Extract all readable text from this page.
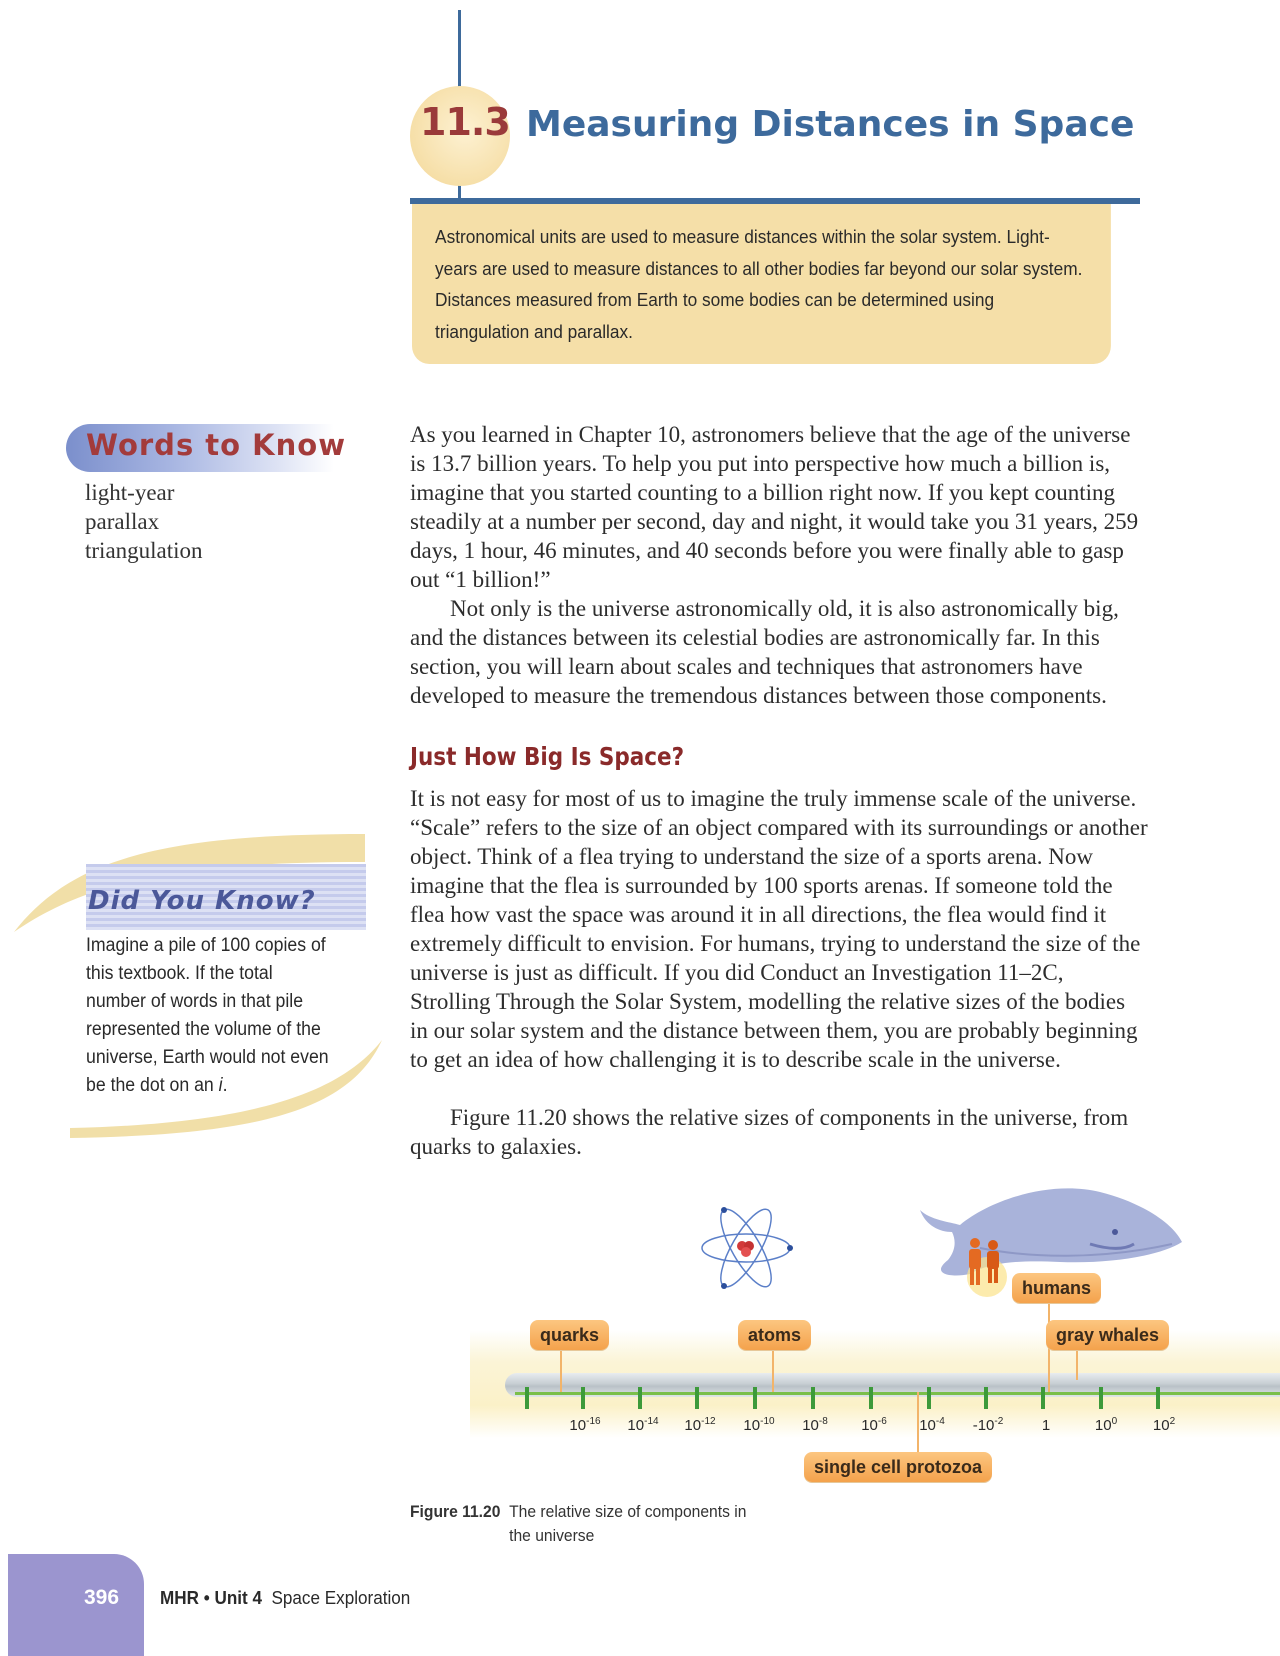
11.3 Measuring Distances in Space
Astronomical units are used to measure distances within the solar system. Light-years are used to measure distances to all other bodies far beyond our solar system. Distances measured from Earth to some bodies can be determined using triangulation and parallax.
Words to Know
light-year
parallax
triangulation
Did You Know?
Imagine a pile of 100 copies of this textbook. If the total number of words in that pile represented the volume of the universe, Earth would not even be the dot on an i.

As you learned in Chapter 10, astronomers believe that the age of the universe is 13.7 billion years. To help you put into perspective how much a billion is, imagine that you started counting to a billion right now. If you kept counting steadily at a number per second, day and night, it would take you 31 years, 259 days, 1 hour, 46 minutes, and 40 seconds before you were finally able to gasp out “1 billion!”

Not only is the universe astronomically old, it is also astronomically big, and the distances between its celestial bodies are astronomically far. In this section, you will learn about scales and techniques that astronomers have developed to measure the tremendous distances between those components.

Just How Big Is Space?

It is not easy for most of us to imagine the truly immense scale of the universe. “Scale” refers to the size of an object compared with its surroundings or another object. Think of a flea trying to understand the size of a sports arena. Now imagine that the flea is surrounded by 100 sports arenas. If someone told the flea how vast the space was around it in all directions, the flea would find it extremely difficult to envision. For humans, trying to understand the size of the universe is just as difficult. If you did Conduct an Investigation 11–2C, Strolling Through the Solar System, modelling the relative sizes of the bodies in our solar system and the distance between them, you are probably beginning to get an idea of how challenging it is to describe scale in the universe.

Figure 11.20 shows the relative sizes of components in the universe, from quarks to galaxies.

$10^{-16}$	$10^{-14}$	$10^{-12}$	$10^{-10}$	$10^{-8}$	$10^{-6}$	$10^{-4}$	$-10^{-2}$	1	$10^0$	$10^2$
quarks	atoms
humans
gray whales
single cell protozoa
Figure 11.20 The relative size of components in the universe
396 MHR • Unit 4 Space Exploration
